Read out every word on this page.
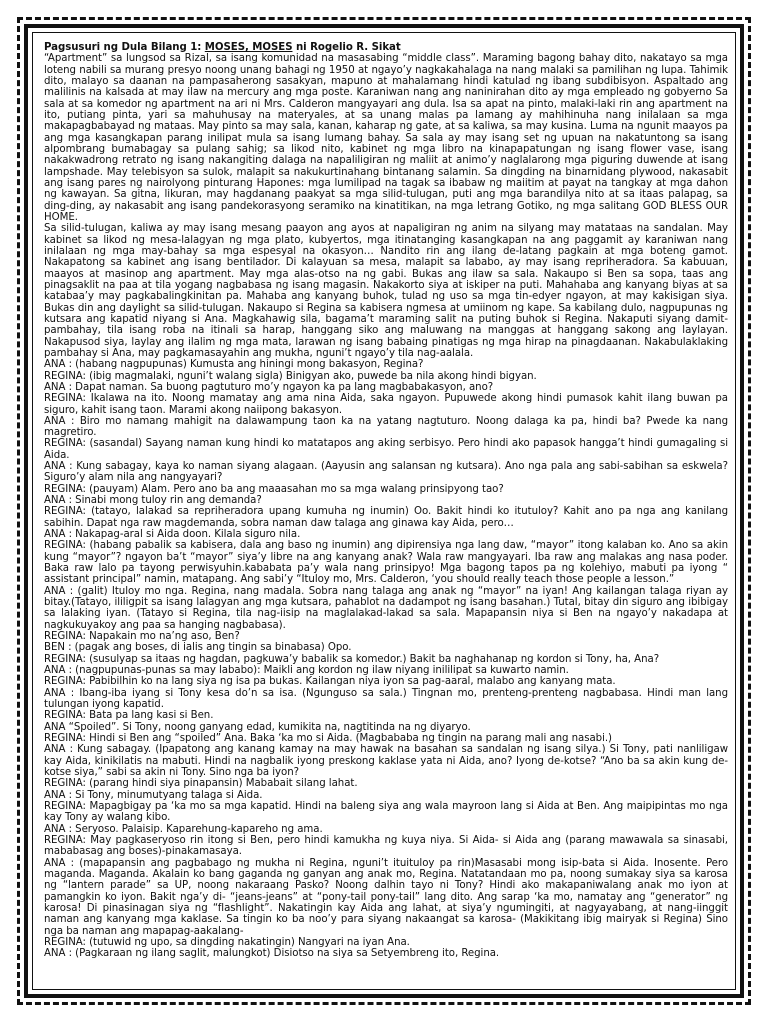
Pagsusuri ng Dula Bilang 1: MOSES, MOSES ni Rogelio R. Sikat

“Apartment” sa lungsod sa Rizal, sa isang komunidad na masasabing “middle class”. Maraming bagong bahay dito, nakatayo sa mga loteng nabili sa murang presyo noong unang bahagi ng 1950 at ngayo’y nagkakahalaga na nang malaki sa pamilihan ng lupa. Tahimik dito, malayo sa daanan na pampasaherong sasakyan, mapuno at mahalamang hindi katulad ng ibang subdibisyon. Aspaltado ang malilinis na kalsada at may ilaw na mercury ang mga poste. Karaniwan nang ang naninirahan dito ay mga empleado ng gobyerno Sa sala at sa komedor ng apartment na ari ni Mrs. Calderon mangyayari ang dula. Isa sa apat na pinto, malaki-laki rin ang apartment na ito, putiang pinta, yari sa mahuhusay na materyales, at sa unang malas pa lamang ay mahihinuha nang inilalaan sa mga makapagbabayad ng mataas. May pinto sa may sala, kanan, kaharap ng gate, at sa kaliwa, sa may kusina. Luma na ngunit maayos pa ang mga kasangkapan parang inilipat mula sa isang lumang bahay. Sa sala ay may isang set ng upuan na nakatuntong sa isang alpombrang bumabagay sa pulang sahig; sa likod nito, kabinet ng mga libro na kinapapatungan ng isang flower vase, isang nakakwadrong retrato ng isang nakangiting dalaga na napaliligiran ng maliit at animo’y naglalarong mga piguring duwende at isang lampshade. May telebisyon sa sulok, malapit sa nakukurtinahang bintanang salamin. Sa dingding na binarnidang plywood, nakasabit ang isang pares ng nairolyong pinturang Hapones: mga lumilipad na tagak sa ibabaw ng maiitim at payat na tangkay at mga dahon ng kawayan. Sa gitna, likuran, may hagdanang paakyat sa mga silid-tulugan, puti ang mga barandilya nito at sa itaas palapag, sa ding-ding, ay nakasabit ang isang pandekorasyong seramiko na kinatitikan, na mga letrang Gotiko, ng mga salitang GOD BLESS OUR HOME.

Sa silid-tulugan, kaliwa ay may isang mesang paayon ang ayos at napaligiran ng anim na silyang may matataas na sandalan. May kabinet sa likod ng mesa-lalagyan ng mga plato, kubyertos, mga itinatanging kasangkapan na ang paggamit ay karaniwan nang inilalaan ng mga may-bahay sa mga espesyal na okasyon… Nandito rin ang ilang de-latang pagkain at mga boteng gamot. Nakapatong sa kabinet ang isang bentilador. Di kalayuan sa mesa, malapit sa lababo, ay may isang repriheradora. Sa kabuuan, maayos at masinop ang apartment. May mga alas-otso na ng gabi. Bukas ang ilaw sa sala. Nakaupo si Ben sa sopa, taas ang pinagsaklit na paa at tila yogang nagbabasa ng isang magasin. Nakakorto siya at iskiper na puti. Mahahaba ang kanyang biyas at sa katabaa’y may pagkabalingkinitan pa. Mahaba ang kanyang buhok, tulad ng uso sa mga tin-edyer ngayon, at may kakisigan siya. Bukas din ang daylight sa silid-tulugan. Nakaupo si Regina sa kabisera ngmesa at umiinom ng kape. Sa kabilang dulo, nagpupunas ng kutsara ang kapatid niyang si Ana. Magkahawig sila, bagama’t maraming salit na puting buhok si Regina. Nakaputi siyang damit-pambahay, tila isang roba na itinali sa harap, hanggang siko ang maluwang na manggas at hanggang sakong ang laylayan. Nakapusod siya, laylay ang ilalim ng mga mata, larawan ng isang babaing pinatigas ng mga hirap na pinagdaanan. Nakabulaklaking pambahay si Ana, may pagkamasayahin ang mukha, nguni’t ngayo’y tila nag-aalala.

ANA : (habang nagpupunas) Kumusta ang hiningi mong bakasyon, Regina?

REGINA: (ibig magmalaki, nguni’t walang sigla) Binigyan ako, puwede ba nila akong hindi bigyan.

ANA : Dapat naman. Sa buong pagtuturo mo’y ngayon ka pa lang magbabakasyon, ano?

REGINA: Ikalawa na ito. Noong mamatay ang ama nina Aida, saka ngayon. Pupuwede akong hindi pumasok kahit ilang buwan pa siguro, kahit isang taon. Marami akong naiipong bakasyon.

ANA : Biro mo namang mahigit na dalawampung taon ka na yatang nagtuturo. Noong dalaga ka pa, hindi ba? Pwede ka nang magretiro.

REGINA: (sasandal) Sayang naman kung hindi ko matatapos ang aking serbisyo. Pero hindi ako papasok hangga’t hindi gumagaling si Aida.

ANA : Kung sabagay, kaya ko naman siyang alagaan. (Aayusin ang salansan ng kutsara). Ano nga pala ang sabi-sabihan sa eskwela? Siguro’y alam nila ang nangyayari?

REGINA: (pauyam) Alam. Pero ano ba ang maaasahan mo sa mga walang prinsipyong tao?

ANA : Sinabi mong tuloy rin ang demanda?

REGINA: (tatayo, lalakad sa repriheradora upang kumuha ng inumin) Oo. Bakit hindi ko itutuloy? Kahit ano pa nga ang kanilang sabihin. Dapat nga raw magdemanda, sobra naman daw talaga ang ginawa kay Aida, pero…

ANA : Nakapag-aral si Aida doon. Kilala siguro nila.

REGINA: (habang pabalik sa kabisera, dala ang baso ng inumin) ang dipirensiya nga lang daw, “mayor” itong kalaban ko. Ano sa akin kung “mayor”? ngayon ba’t “mayor” siya’y libre na ang kanyang anak? Wala raw mangyayari. Iba raw ang malakas ang nasa poder. Baka raw lalo pa tayong perwisyuhin.kababata pa’y wala nang prinsipyo! Mga bagong tapos pa ng kolehiyo, mabuti pa iyong “ assistant principal” namin, matapang. Ang sabi’y “Ituloy mo, Mrs. Calderon, ‘you should really teach those people a lesson.”

ANA : (galit) Ituloy mo nga. Regina, nang madala. Sobra nang talaga ang anak ng “mayor” na iyan! Ang kailangan talaga riyan ay bitay.(Tatayo, ililigpit sa isang lalagyan ang mga kutsara, pahablot na dadampot ng isang basahan.) Tutal, bitay din siguro ang ibibigay sa lalaking iyan. (Tatayo si Regina, tila nag-iisip na maglalakad-lakad sa sala. Mapapansin niya si Ben na ngayo’y nakadapa at nagkukuyakoy ang paa sa hanging nagbabasa).

REGINA: Napakain mo na’ng aso, Ben?

BEN : (pagak ang boses, di ialis ang tingin sa binabasa) Opo.

REGINA: (susulyap sa itaas ng hagdan, pagkuwa’y babalik sa komedor.) Bakit ba naghahanap ng kordon si Tony, ha, Ana?

ANA : (nagpupunas-punas sa may lababo): Maikli ang kordon ng ilaw niyang inililipat sa kuwarto namin.

REGINA: Pabibilhin ko na lang siya ng isa pa bukas. Kailangan niya iyon sa pag-aaral, malabo ang kanyang mata.

ANA : Ibang-iba iyang si Tony kesa do’n sa isa. (Ngunguso sa sala.) Tingnan mo, prenteng-prenteng nagbabasa. Hindi man lang tulungan iyong kapatid.

REGINA: Bata pa lang kasi si Ben.

ANA “Spoiled”. Si Tony, noong ganyang edad, kumikita na, nagtitinda na ng diyaryo.

REGINA: Hindi si Ben ang “spoiled” Ana. Baka ‘ka mo si Aida. (Magbababa ng tingin na parang mali ang nasabi.)

ANA : Kung sabagay. (Ipapatong ang kanang kamay na may hawak na basahan sa sandalan ng isang silya.) Si Tony, pati nanliligaw kay Aida, kinikilatis na mabuti. Hindi na nagbalik iyong preskong kaklase yata ni Aida, ano? Iyong de-kotse? “Ano ba sa akin kung de-kotse siya,” sabi sa akin ni Tony. Sino nga ba iyon?

REGINA: (parang hindi siya pinapansin) Mababait silang lahat.

ANA : Si Tony, minumutyang talaga si Aida.

REGINA: Mapagbigay pa ‘ka mo sa mga kapatid. Hindi na baleng siya ang wala mayroon lang si Aida at Ben. Ang maipipintas mo nga kay Tony ay walang kibo.

ANA : Seryoso. Palaisip. Kaparehung-kapareho ng ama.

REGINA: May pagkaseryoso rin itong si Ben, pero hindi kamukha ng kuya niya. Si Aida- si Aida ang (parang mawawala sa sinasabi, mababasag ang boses)-pinakamasaya.

ANA : (mapapansin ang pagbabago ng mukha ni Regina, nguni’t ituituloy pa rin)Masasabi mong isip-bata si Aida. Inosente. Pero maganda. Maganda. Akalain ko bang gaganda ng ganyan ang anak mo, Regina. Natatandaan mo pa, noong sumakay siya sa karosa ng “lantern parade” sa UP, noong nakaraang Pasko? Noong dalhin tayo ni Tony? Hindi ako makapaniwalang anak mo iyon at pamangkin ko iyon. Bakit nga’y di- “jeans-jeans” at “pony-tail pony-tail” lang dito. Ang sarap ‘ka mo, namatay ang “generator” ng karosa! Di pinasinagan siya ng “flashlight”. Nakatingin kay Aida ang lahat, at siya’y ngumingiti, at nagyayabang, at nang-iinggit naman ang kanyang mga kaklase. Sa tingin ko ba noo’y para siyang nakaangat sa karosa- (Makikitang ibig mairyak si Regina) Sino nga ba naman ang mapapag-aakalang-

REGINA: (tutuwid ng upo, sa dingding nakatingin) Nangyari na iyan Ana.

ANA : (Pagkaraan ng ilang saglit, malungkot) Disiotso na siya sa Setyembreng ito, Regina.
